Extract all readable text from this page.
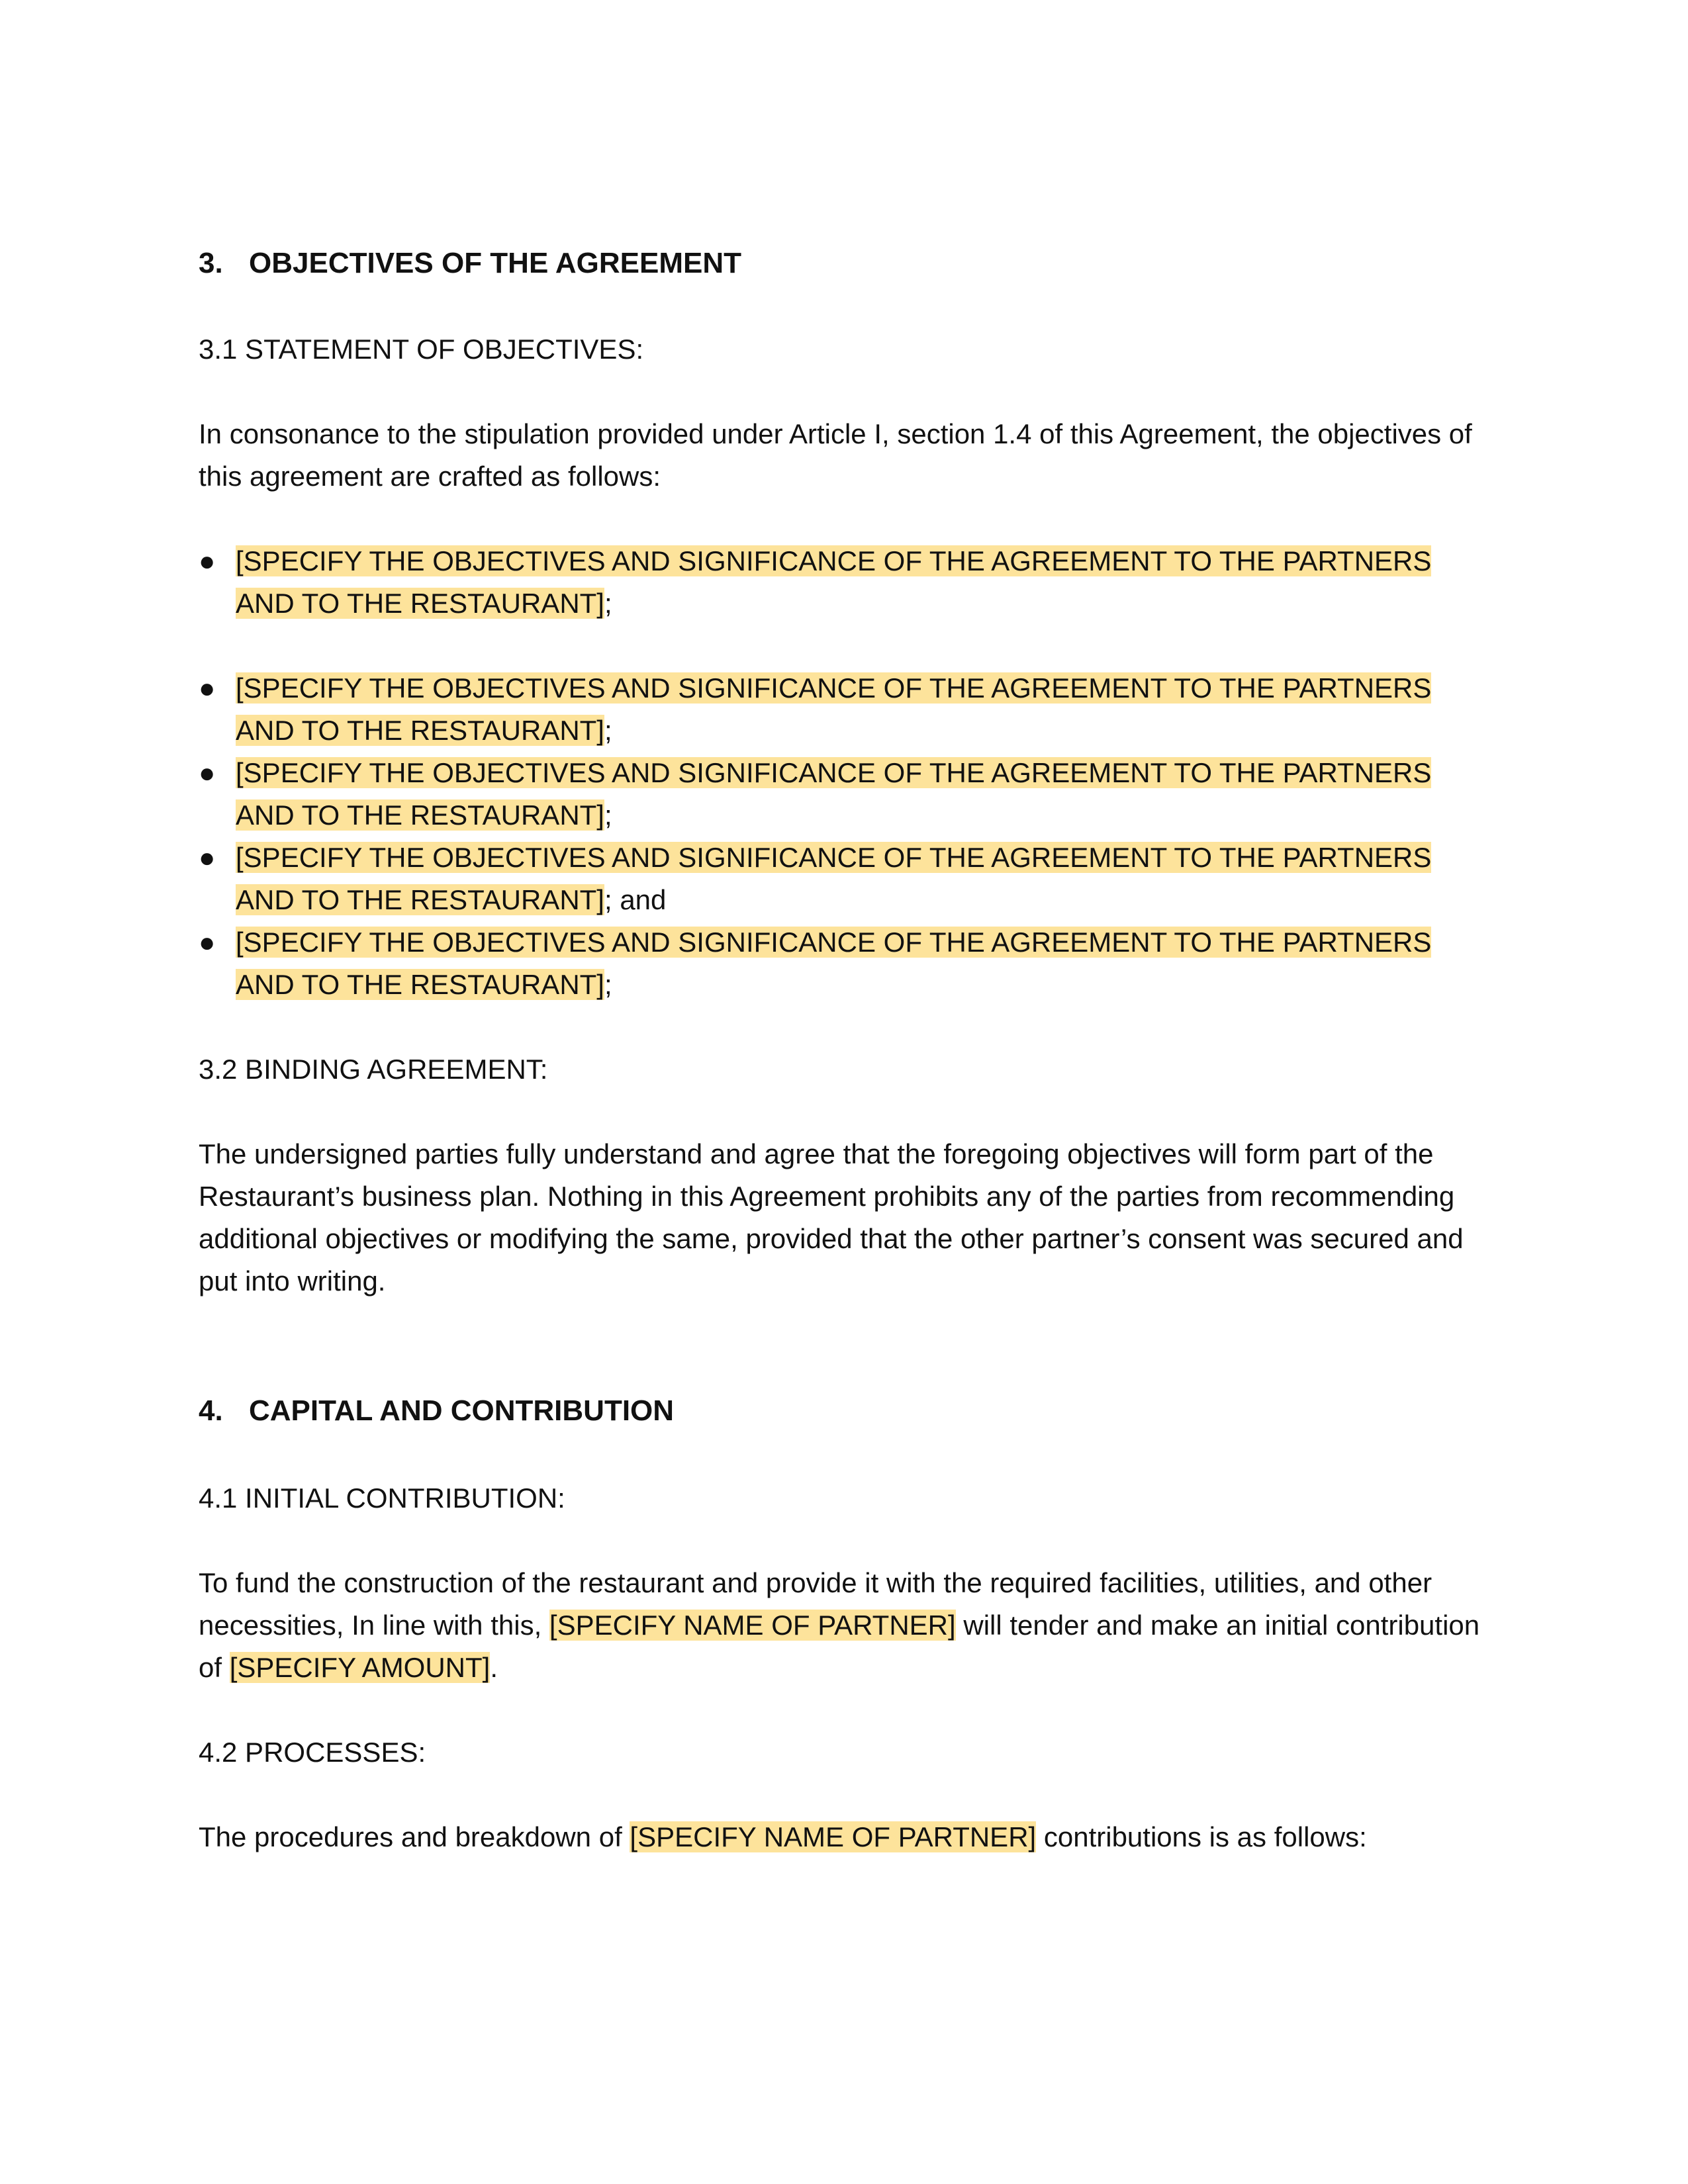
3. OBJECTIVES OF THE AGREEMENT

3.1 STATEMENT OF OBJECTIVES:

In consonance to the stipulation provided under Article I, section 1.4 of this Agreement, the objectives of this agreement are crafted as follows:

● [SPECIFY THE OBJECTIVES AND SIGNIFICANCE OF THE AGREEMENT TO THE PARTNERS AND TO THE RESTAURANT];
● [SPECIFY THE OBJECTIVES AND SIGNIFICANCE OF THE AGREEMENT TO THE PARTNERS AND TO THE RESTAURANT];
● [SPECIFY THE OBJECTIVES AND SIGNIFICANCE OF THE AGREEMENT TO THE PARTNERS AND TO THE RESTAURANT];
● [SPECIFY THE OBJECTIVES AND SIGNIFICANCE OF THE AGREEMENT TO THE PARTNERS AND TO THE RESTAURANT]; and
● [SPECIFY THE OBJECTIVES AND SIGNIFICANCE OF THE AGREEMENT TO THE PARTNERS AND TO THE RESTAURANT];

3.2 BINDING AGREEMENT:

The undersigned parties fully understand and agree that the foregoing objectives will form part of the Restaurant’s business plan. Nothing in this Agreement prohibits any of the parties from recommending additional objectives or modifying the same, provided that the other partner’s consent was secured and put into writing.

4. CAPITAL AND CONTRIBUTION

4.1 INITIAL CONTRIBUTION:

To fund the construction of the restaurant and provide it with the required facilities, utilities, and other necessities, In line with this, [SPECIFY NAME OF PARTNER] will tender and make an initial contribution of [SPECIFY AMOUNT].

4.2 PROCESSES:

The procedures and breakdown of [SPECIFY NAME OF PARTNER] contributions is as follows:
